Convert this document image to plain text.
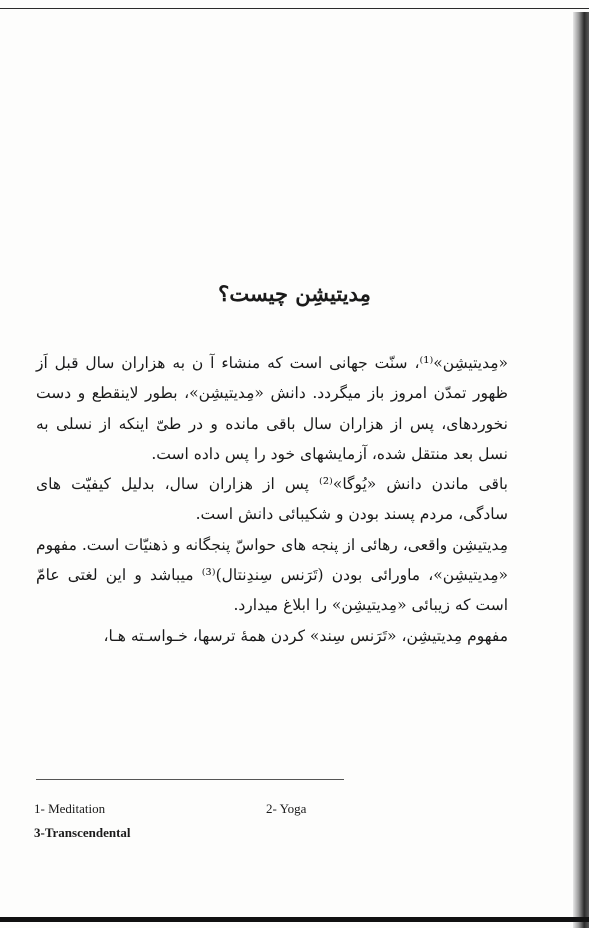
مِدیتیشِن چیست؟

«مِدیتیشِن»⁽¹⁾، سنّت جهانی است که منشاء آ ن به هزاران سال قبل اَز ظهور تمدّن امروز باز میگردد. دانش «مِدیتیشِن»، بطور لاینقطع و دست نخوردهای، پس از هزاران سال باقی مانده و در طیّ اینکه از نسلی به نسل بعد منتقل شده، آزمایشهای خود را پس داده است.

باقی ماندن دانش «یُوگا»⁽²⁾ پس از هزاران سال، بدلیل کیفیّت های سادگی، مردم پسند بودن و شکیبائی دانش است.

مِدیتیشِن واقعی، رهائی از پنجه های حواسّ پنجگانه و ذهنیّات است. مفهوم «مِدیتیشِن»، ماورائی بودن (تَرَنس سِندِنتال)⁽³⁾ میباشد و این لغتی عامّ است که زیبائی «مِدیتیشِن» را ابلاغ میدارد.

مفهوم مِدیتیشِن، «تَرَنس سِند» کردن همهٔ ترسها، خـواسـته هـا،

1- Meditation	2- Yoga
3-Transcendental
